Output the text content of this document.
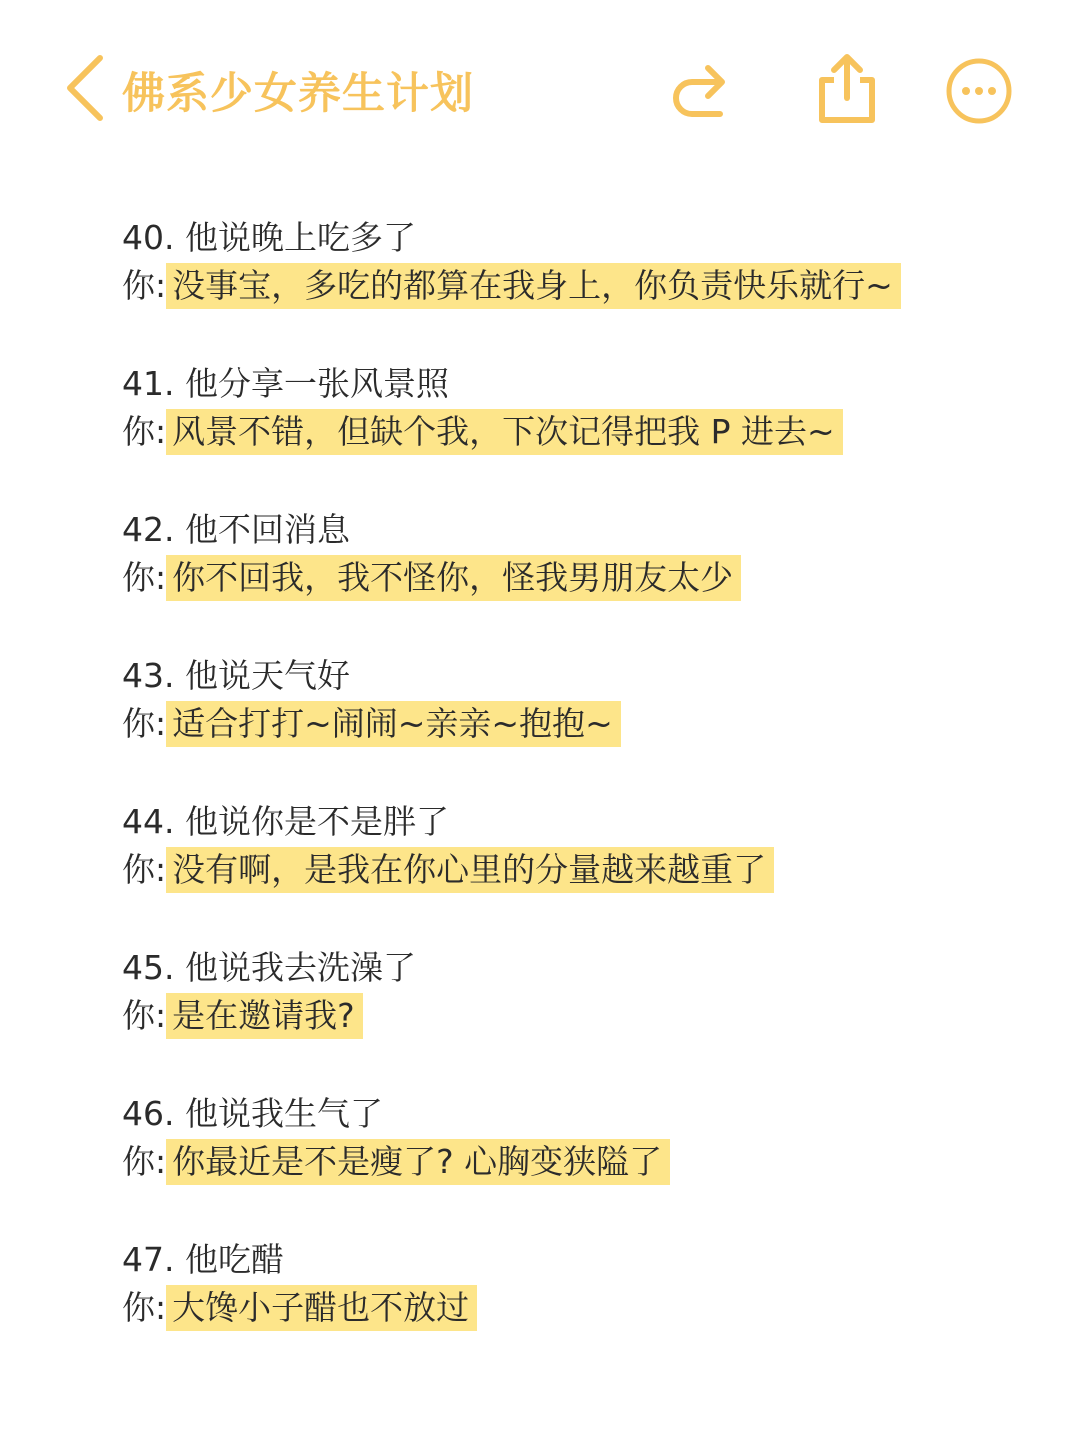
佛系少女养生计划
40. 他说晚上吃多了
你: 没事宝，多吃的都算在我身上，你负责快乐就行~
41. 他分享一张风景照
你: 风景不错，但缺个我，下次记得把我 P 进去~
42. 他不回消息
你: 你不回我，我不怪你，怪我男朋友太少
43. 他说天气好
你: 适合打打~闹闹~亲亲~抱抱~
44. 他说你是不是胖了
你: 没有啊，是我在你心里的分量越来越重了
45. 他说我去洗澡了
你: 是在邀请我?
46. 他说我生气了
你: 你最近是不是瘦了? 心胸变狭隘了
47. 他吃醋
你: 大馋小子醋也不放过
